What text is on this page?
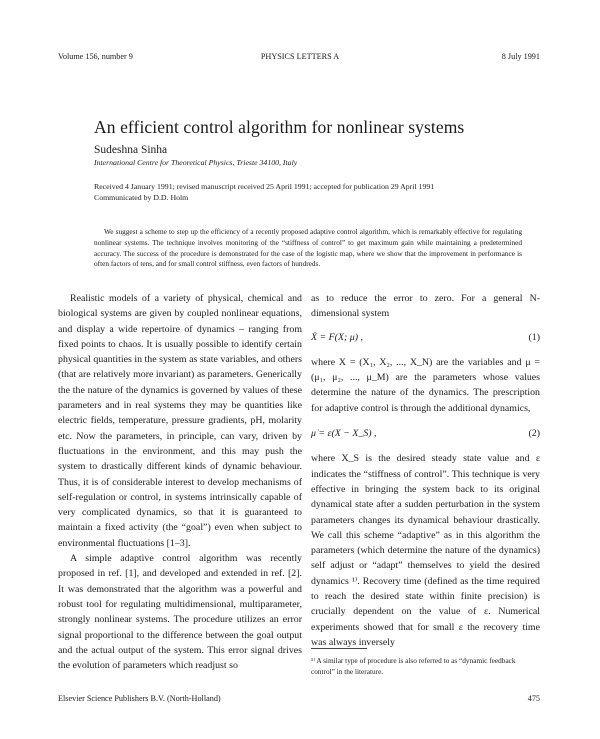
Volume 156, number 9	PHYSICS LETTERS A	8 July 1991
An efficient control algorithm for nonlinear systems
Sudeshna Sinha
International Centre for Theoretical Physics, Trieste 34100, Italy
Received 4 January 1991; revised manuscript received 25 April 1991; accepted for publication 29 April 1991
Communicated by D.D. Holm

We suggest a scheme to step up the efficiency of a recently proposed adaptive control algorithm, which is remarkably effective for regulating nonlinear systems. The technique involves monitoring of the “stiffness of control” to get maximum gain while maintaining a predetermined accuracy. The success of the procedure is demonstrated for the case of the logistic map, where we show that the improvement in performance is often factors of tens, and for small control stiffness, even factors of hundreds.

Realistic models of a variety of physical, chemical and biological systems are given by coupled nonlinear equations, and display a wide repertoire of dynamics – ranging from fixed points to chaos. It is usually possible to identify certain physical quantities in the system as state variables, and others (that are relatively more invariant) as parameters. Generically the the nature of the dynamics is governed by values of these parameters and in real systems they may be quantities like electric fields, temperature, pressure gradients, pH, molarity etc. Now the parameters, in principle, can vary, driven by fluctuations in the environment, and this may push the system to drastically different kinds of dynamic behaviour. Thus, it is of considerable interest to develop mechanisms of self-regulation or control, in systems intrinsically capable of very complicated dynamics, so that it is guaranteed to maintain a fixed activity (the “goal”) even when subject to environmental fluctuations [1–3].

A simple adaptive control algorithm was recently proposed in ref. [1], and developed and extended in ref. [2]. It was demonstrated that the algorithm was a powerful and robust tool for regulating multidimensional, multiparameter, strongly nonlinear systems. The procedure utilizes an error signal proportional to the difference between the goal output and the actual output of the system. This error signal drives the evolution of parameters which readjust so

as to reduce the error to zero. For a general N-dimensional system

Ẋ = F(X; μ) ,	(1)

where X = (X₁, X₂, ..., X_N) are the variables and μ = (μ₁, μ₂, ..., μ_M) are the parameters whose values determine the nature of the dynamics. The prescription for adaptive control is through the additional dynamics,

μ̇ = ε(X − X_S) ,	(2)

where X_S is the desired steady state value and ε indicates the “stiffness of control”. This technique is very effective in bringing the system back to its original dynamical state after a sudden perturbation in the system parameters changes its dynamical behaviour drastically. We call this scheme “adaptive” as in this algorithm the parameters (which determine the nature of the dynamics) self adjust or “adapt” themselves to yield the desired dynamics ¹⁾. Recovery time (defined as the time required to reach the desired state within finite precision) is crucially dependent on the value of ε. Numerical experiments showed that for small ε the recovery time was always inversely

¹⁾ A similar type of procedure is also referred to as “dynamic feedback control” in the literature.
Elsevier Science Publishers B.V. (North-Holland)	475
